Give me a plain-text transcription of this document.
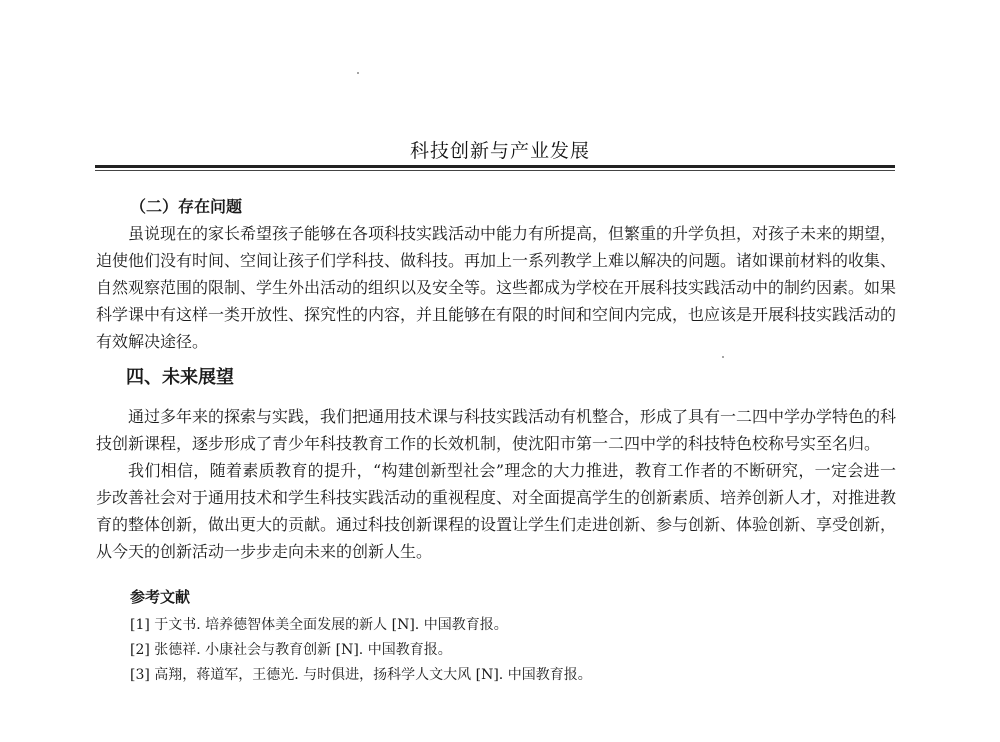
科技创新与产业发展

（二）存在问题

虽说现在的家长希望孩子能够在各项科技实践活动中能力有所提高，但繁重的升学负担，对孩子未来的期望，迫使他们没有时间、空间让孩子们学科技、做科技。再加上一系列教学上难以解决的问题。诸如课前材料的收集、自然观察范围的限制、学生外出活动的组织以及安全等。这些都成为学校在开展科技实践活动中的制约因素。如果科学课中有这样一类开放性、探究性的内容，并且能够在有限的时间和空间内完成，也应该是开展科技实践活动的有效解决途径。

四、未来展望

通过多年来的探索与实践，我们把通用技术课与科技实践活动有机整合，形成了具有一二四中学办学特色的科技创新课程，逐步形成了青少年科技教育工作的长效机制，使沈阳市第一二四中学的科技特色校称号实至名归。

我们相信，随着素质教育的提升，“构建创新型社会”理念的大力推进，教育工作者的不断研究，一定会进一步改善社会对于通用技术和学生科技实践活动的重视程度、对全面提高学生的创新素质、培养创新人才，对推进教育的整体创新，做出更大的贡献。通过科技创新课程的设置让学生们走进创新、参与创新、体验创新、享受创新，从今天的创新活动一步步走向未来的创新人生。

参考文献

[1] 于文书. 培养德智体美全面发展的新人 [N]. 中国教育报。

[2] 张德祥. 小康社会与教育创新 [N]. 中国教育报。

[3] 高翔，蒋道军，王德光. 与时俱进，扬科学人文大风 [N]. 中国教育报。
